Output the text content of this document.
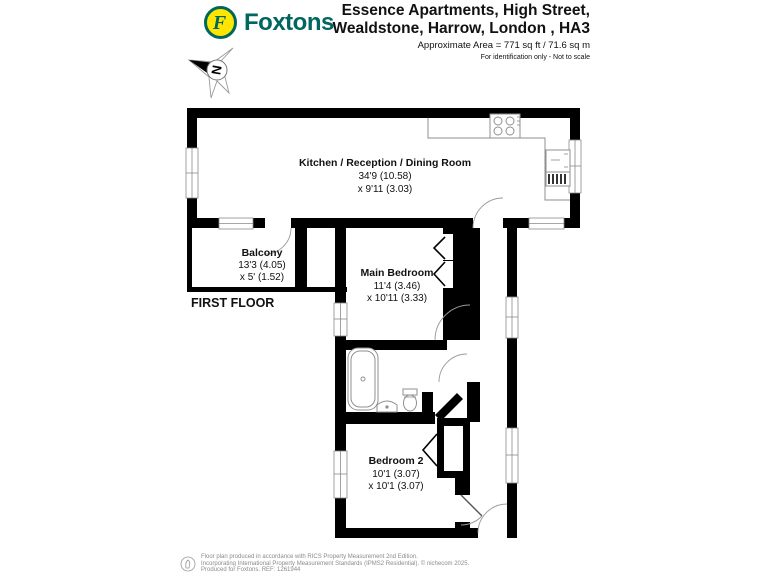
F Foxtons Essence Apartments, High Street,
Wealdstone, Harrow, London , HA3
Approximate Area = 771 sq ft / 71.6 sq m
For identification only - Not to scale
N
Kitchen / Reception / Dining Room
34'9 (10.58)
x 9'11 (3.03)
Balcony
13'3 (4.05)
x 5' (1.52)	Main Bedroom
11'4 (3.46)
x 10'11 (3.33)
Bedroom 2
10'1 (3.07)
x 10'1 (3.07)
FIRST FLOOR
Floor plan produced in accordance with RICS Property Measurement 2nd Edition.
Incorporating International Property Measurement Standards (IPMS2 Residential). © nichecom 2025.
Produced for Foxtons. REF: 1261944
